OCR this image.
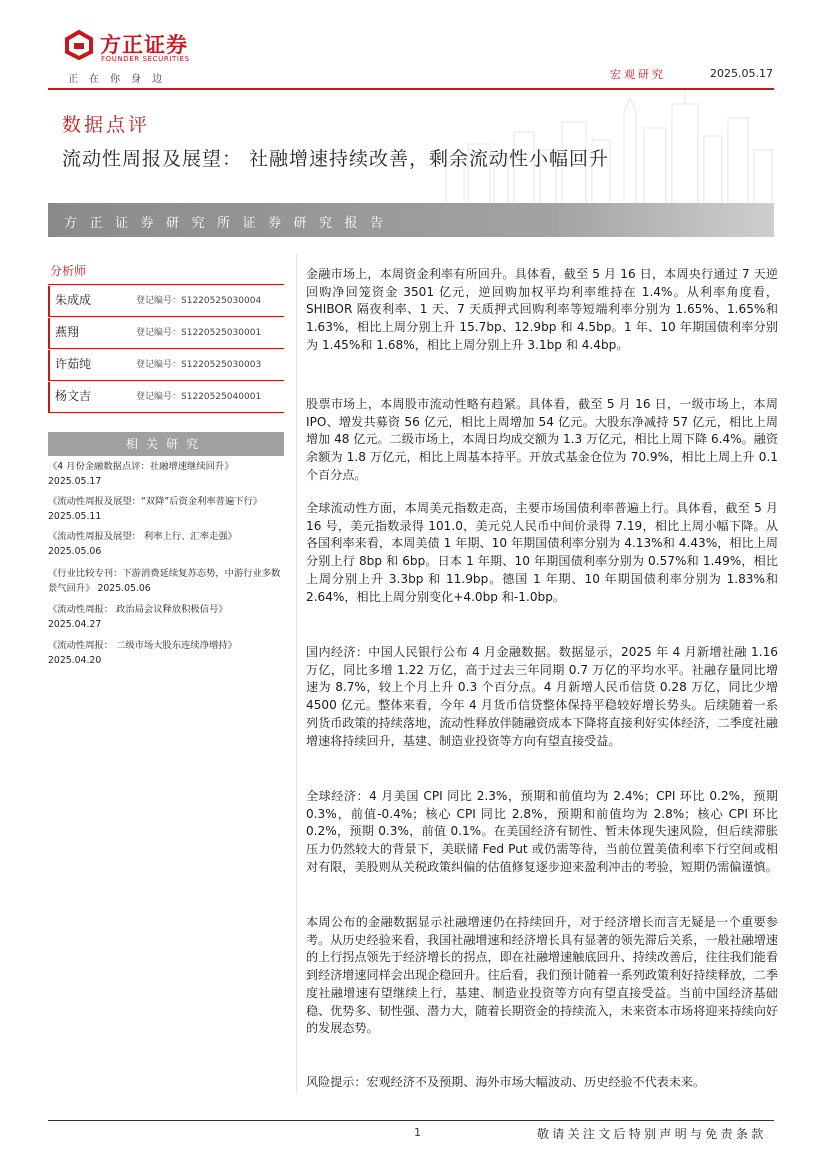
方正证券
FOUNDER SECURITIES
正在你身边	宏观研究	2025.05.17
数据点评
流动性周报及展望： 社融增速持续改善，剩余流动性小幅回升
方正证券研究所证券研究报告
分析师
朱成成	登记编号：S1220525030004
燕翔	登记编号：S1220525030001
许茹纯	登记编号：S1220525030003
杨文吉	登记编号：S1220525040001
相关研究
《4 月份金融数据点评：社融增速继续回升》
2025.05.17
《流动性周报及展望：“双降”后资金利率普遍下行》 2025.05.11
《流动性周报及展望： 利率上行、汇率走强》
2025.05.06
《行业比较专刊：下游消费延续复苏态势，中游行业多数景气回升》 2025.05.06
《流动性周报： 政治局会议释放积极信号》
2025.04.27
《流动性周报： 二级市场大股东连续净增持》
2025.04.20

金融市场上，本周资金利率有所回升。具体看，截至 5 月 16 日，本周央行通过 7 天逆回购净回笼资金 3501 亿元，逆回购加权平均利率维持在 1.4%。从利率角度看，SHIBOR 隔夜利率、1 天、7 天质押式回购利率等短端利率分别为 1.65%、1.65%和 1.63%，相比上周分别上升 15.7bp、12.9bp 和 4.5bp。1 年、10 年期国债利率分别为 1.45%和 1.68%，相比上周分别上升 3.1bp 和 4.4bp。

股票市场上，本周股市流动性略有趋紧。具体看，截至 5 月 16 日，一级市场上，本周 IPO、增发共募资 56 亿元，相比上周增加 54 亿元。大股东净减持 57 亿元，相比上周增加 48 亿元。二级市场上，本周日均成交额为 1.3 万亿元，相比上周下降 6.4%。融资余额为 1.8 万亿元，相比上周基本持平。开放式基金仓位为 70.9%，相比上周上升 0.1 个百分点。

全球流动性方面，本周美元指数走高，主要市场国债利率普遍上行。具体看，截至 5 月 16 号，美元指数录得 101.0，美元兑人民币中间价录得 7.19，相比上周小幅下降。从各国利率来看，本周美债 1 年期、10 年期国债利率分别为 4.13%和 4.43%，相比上周分别上行 8bp 和 6bp。日本 1 年期、10 年期国债利率分别为 0.57%和 1.49%，相比上周分别上升 3.3bp 和 11.9bp。德国 1 年期、10 年期国债利率分别为 1.83%和 2.64%，相比上周分别变化+4.0bp 和-1.0bp。

国内经济：中国人民银行公布 4 月金融数据。数据显示，2025 年 4 月新增社融 1.16 万亿，同比多增 1.22 万亿，高于过去三年同期 0.7 万亿的平均水平。社融存量同比增速为 8.7%，较上个月上升 0.3 个百分点。4 月新增人民币信贷 0.28 万亿，同比少增 4500 亿元。整体来看，今年 4 月货币信贷整体保持平稳较好增长势头。后续随着一系列货币政策的持续落地，流动性释放伴随融资成本下降将直接利好实体经济，二季度社融增速将持续回升，基建、制造业投资等方向有望直接受益。

全球经济：4 月美国 CPI 同比 2.3%，预期和前值均为 2.4%；CPI 环比 0.2%，预期 0.3%，前值-0.4%；核心 CPI 同比 2.8%，预期和前值均为 2.8%；核心 CPI 环比 0.2%，预期 0.3%，前值 0.1%。在美国经济有韧性、暂未体现失速风险，但后续滞胀压力仍然较大的背景下，美联储 Fed Put 或仍需等待，当前位置美债利率下行空间或相对有限，美股则从关税政策纠偏的估值修复逐步迎来盈利冲击的考验，短期仍需偏谨慎。

本周公布的金融数据显示社融增速仍在持续回升，对于经济增长而言无疑是一个重要参考。从历史经验来看，我国社融增速和经济增长具有显著的领先滞后关系，一般社融增速的上行拐点领先于经济增长的拐点，即在社融增速触底回升、持续改善后，往往我们能看到经济增速同样会出现企稳回升。往后看，我们预计随着一系列政策利好持续释放，二季度社融增速有望继续上行，基建、制造业投资等方向有望直接受益。当前中国经济基础稳、优势多、韧性强、潜力大，随着长期资金的持续流入，未来资本市场将迎来持续向好的发展态势。

风险提示：宏观经济不及预期、海外市场大幅波动、历史经验不代表未来。

1	敬请关注文后特别声明与免责条款
